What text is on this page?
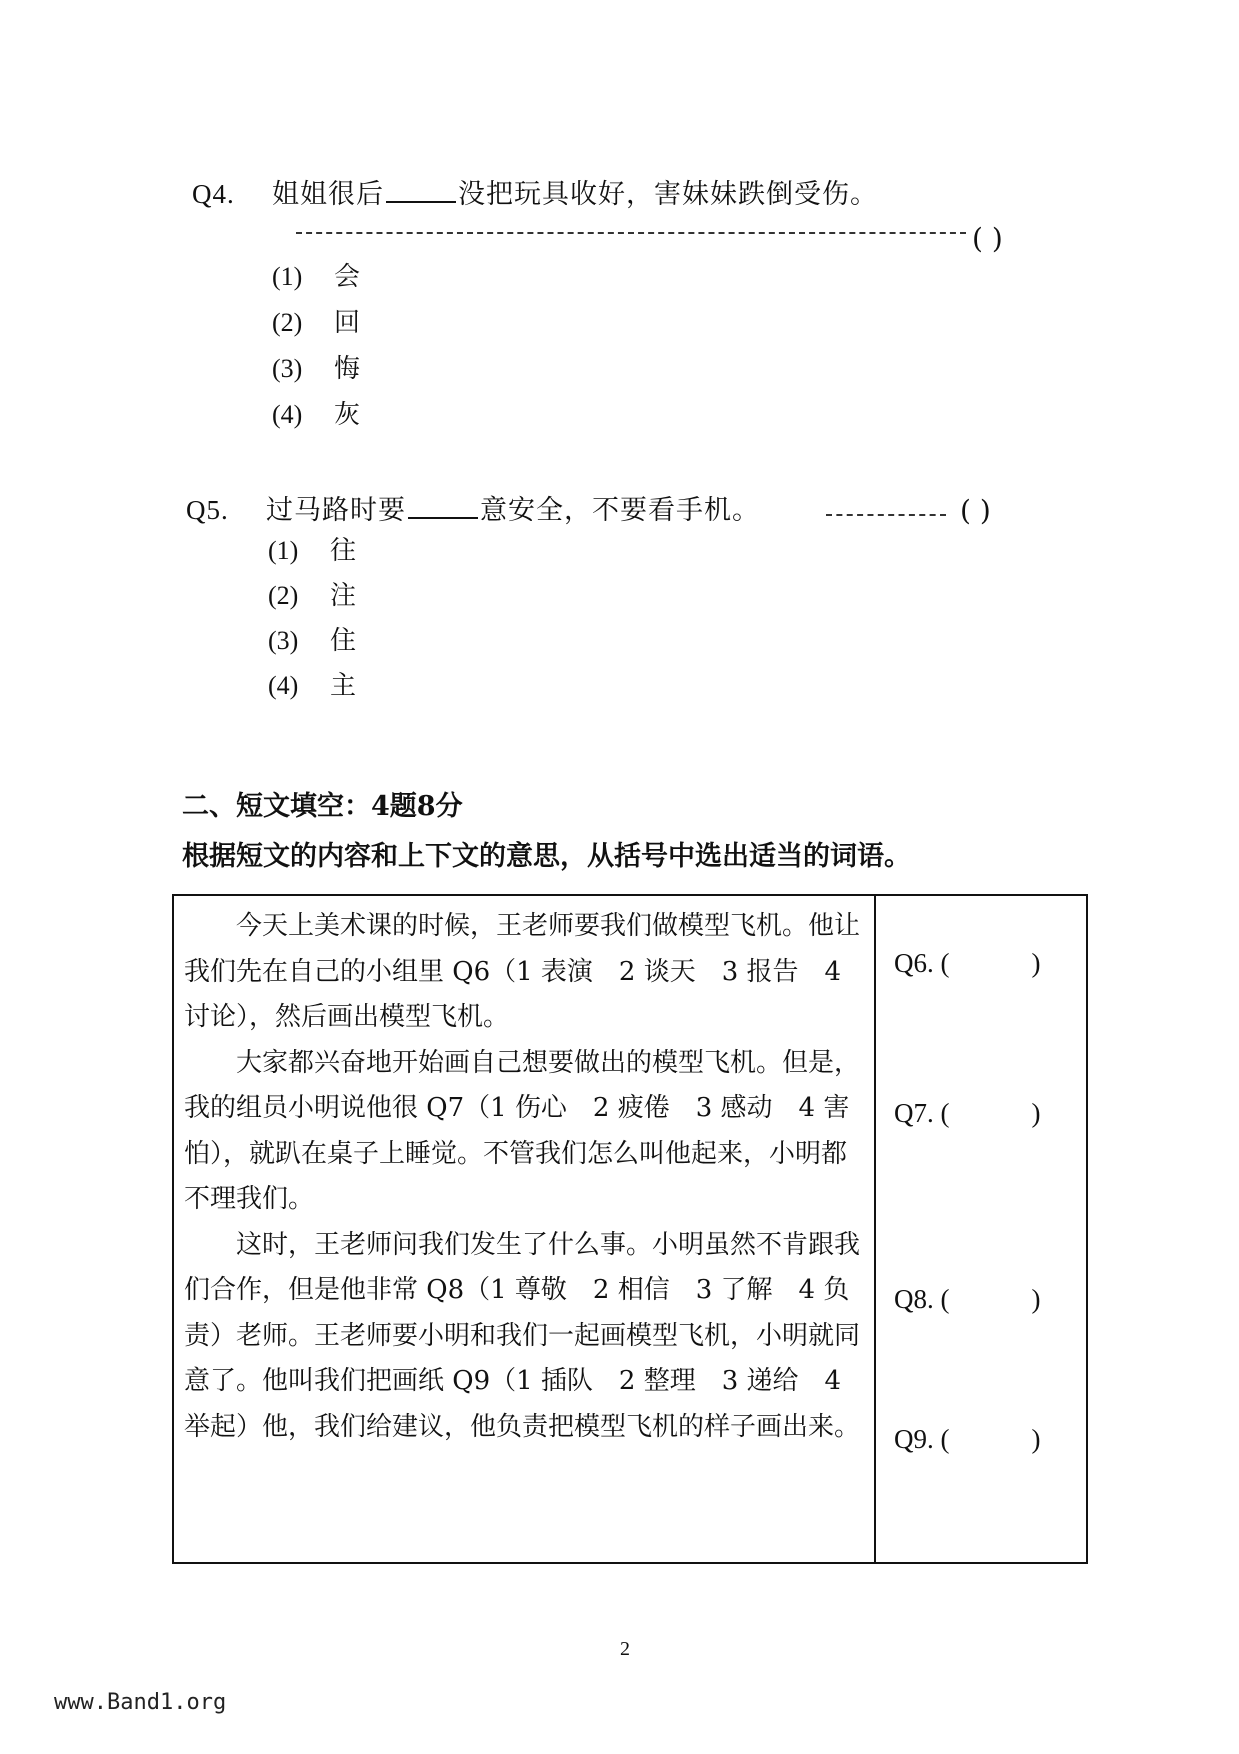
Q4. 姐姐很后	没把玩具收好，害妹妹跌倒受伤。
( )
(1) 会
(2) 回
(3) 悔
(4) 灰
Q5. 过马路时要	意安全，不要看手机。	( )
(1) 往
(2) 注
(3) 住
(4) 主
二、短文填空：4题8分
根据短文的内容和上下文的意思，从括号中选出适当的词语。

今天上美术课的时候，王老师要我们做模型飞机。他让我们先在自己的小组里 Q6（1 表演　2 谈天　3 报告　4 讨论），然后画出模型飞机。

大家都兴奋地开始画自己想要做出的模型飞机。但是，我的组员小明说他很 Q7（1 伤心　2 疲倦　3 感动　4 害怕），就趴在桌子上睡觉。不管我们怎么叫他起来，小明都不理我们。

这时，王老师问我们发生了什么事。小明虽然不肯跟我们合作，但是他非常 Q8（1 尊敬　2 相信　3 了解　4 负责）老师。王老师要小明和我们一起画模型飞机，小明就同意了。他叫我们把画纸 Q9（1 插队　2 整理　3 递给　4 举起）他，我们给建议，他负责把模型飞机的样子画出来。

Q6. (	)
Q7. (	)
Q8. (	)
Q9. (	)
2
www.Band1.org
